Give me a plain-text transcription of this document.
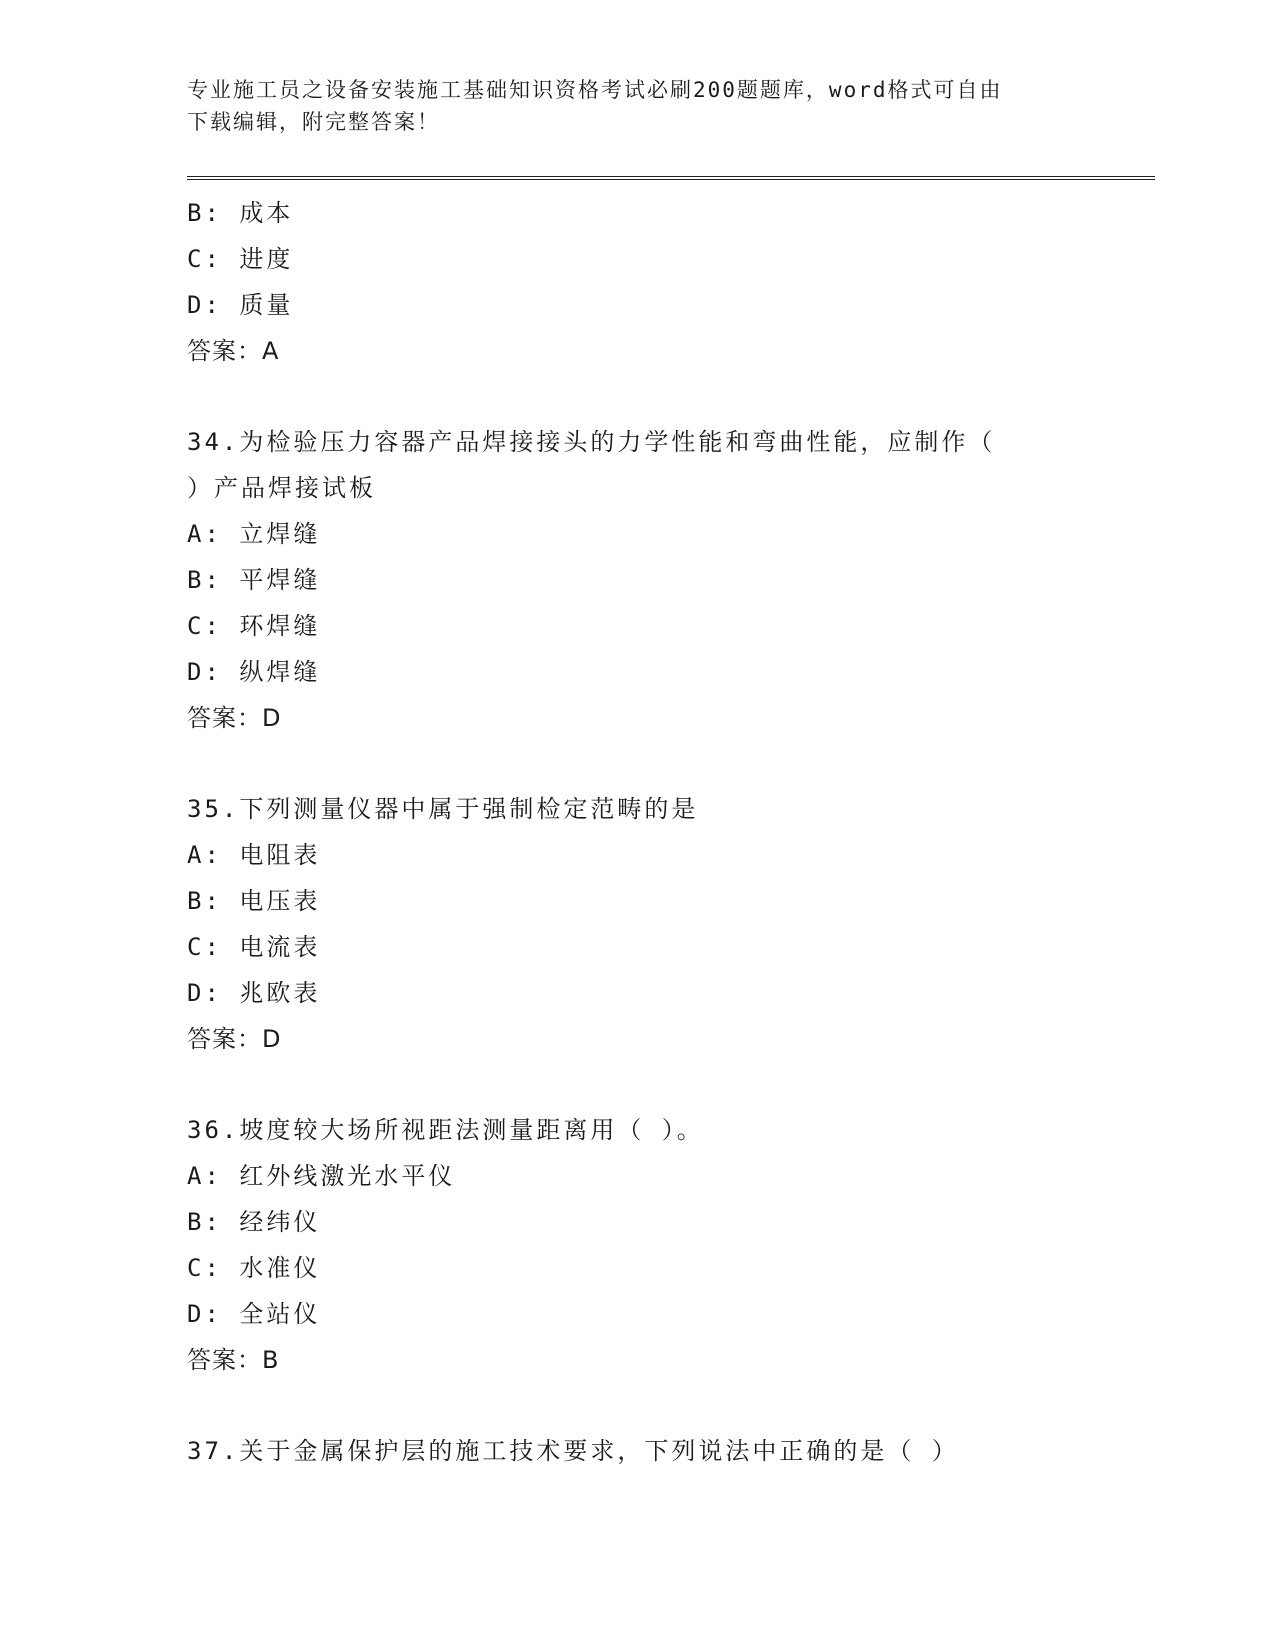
专业施工员之设备安装施工基础知识资格考试必刷200题题库，word格式可自由
下载编辑，附完整答案！
B: 成本
C: 进度
D: 质量
答案：A
34.为检验压力容器产品焊接接头的力学性能和弯曲性能，应制作（
）产品焊接试板
A: 立焊缝
B: 平焊缝
C: 环焊缝
D: 纵焊缝
答案：D
35.下列测量仪器中属于强制检定范畴的是
A: 电阻表
B: 电压表
C: 电流表
D: 兆欧表
答案：D
36.坡度较大场所视距法测量距离用（ ）。
A: 红外线激光水平仪
B: 经纬仪
C: 水准仪
D: 全站仪
答案：B
37.关于金属保护层的施工技术要求，下列说法中正确的是（ ）
